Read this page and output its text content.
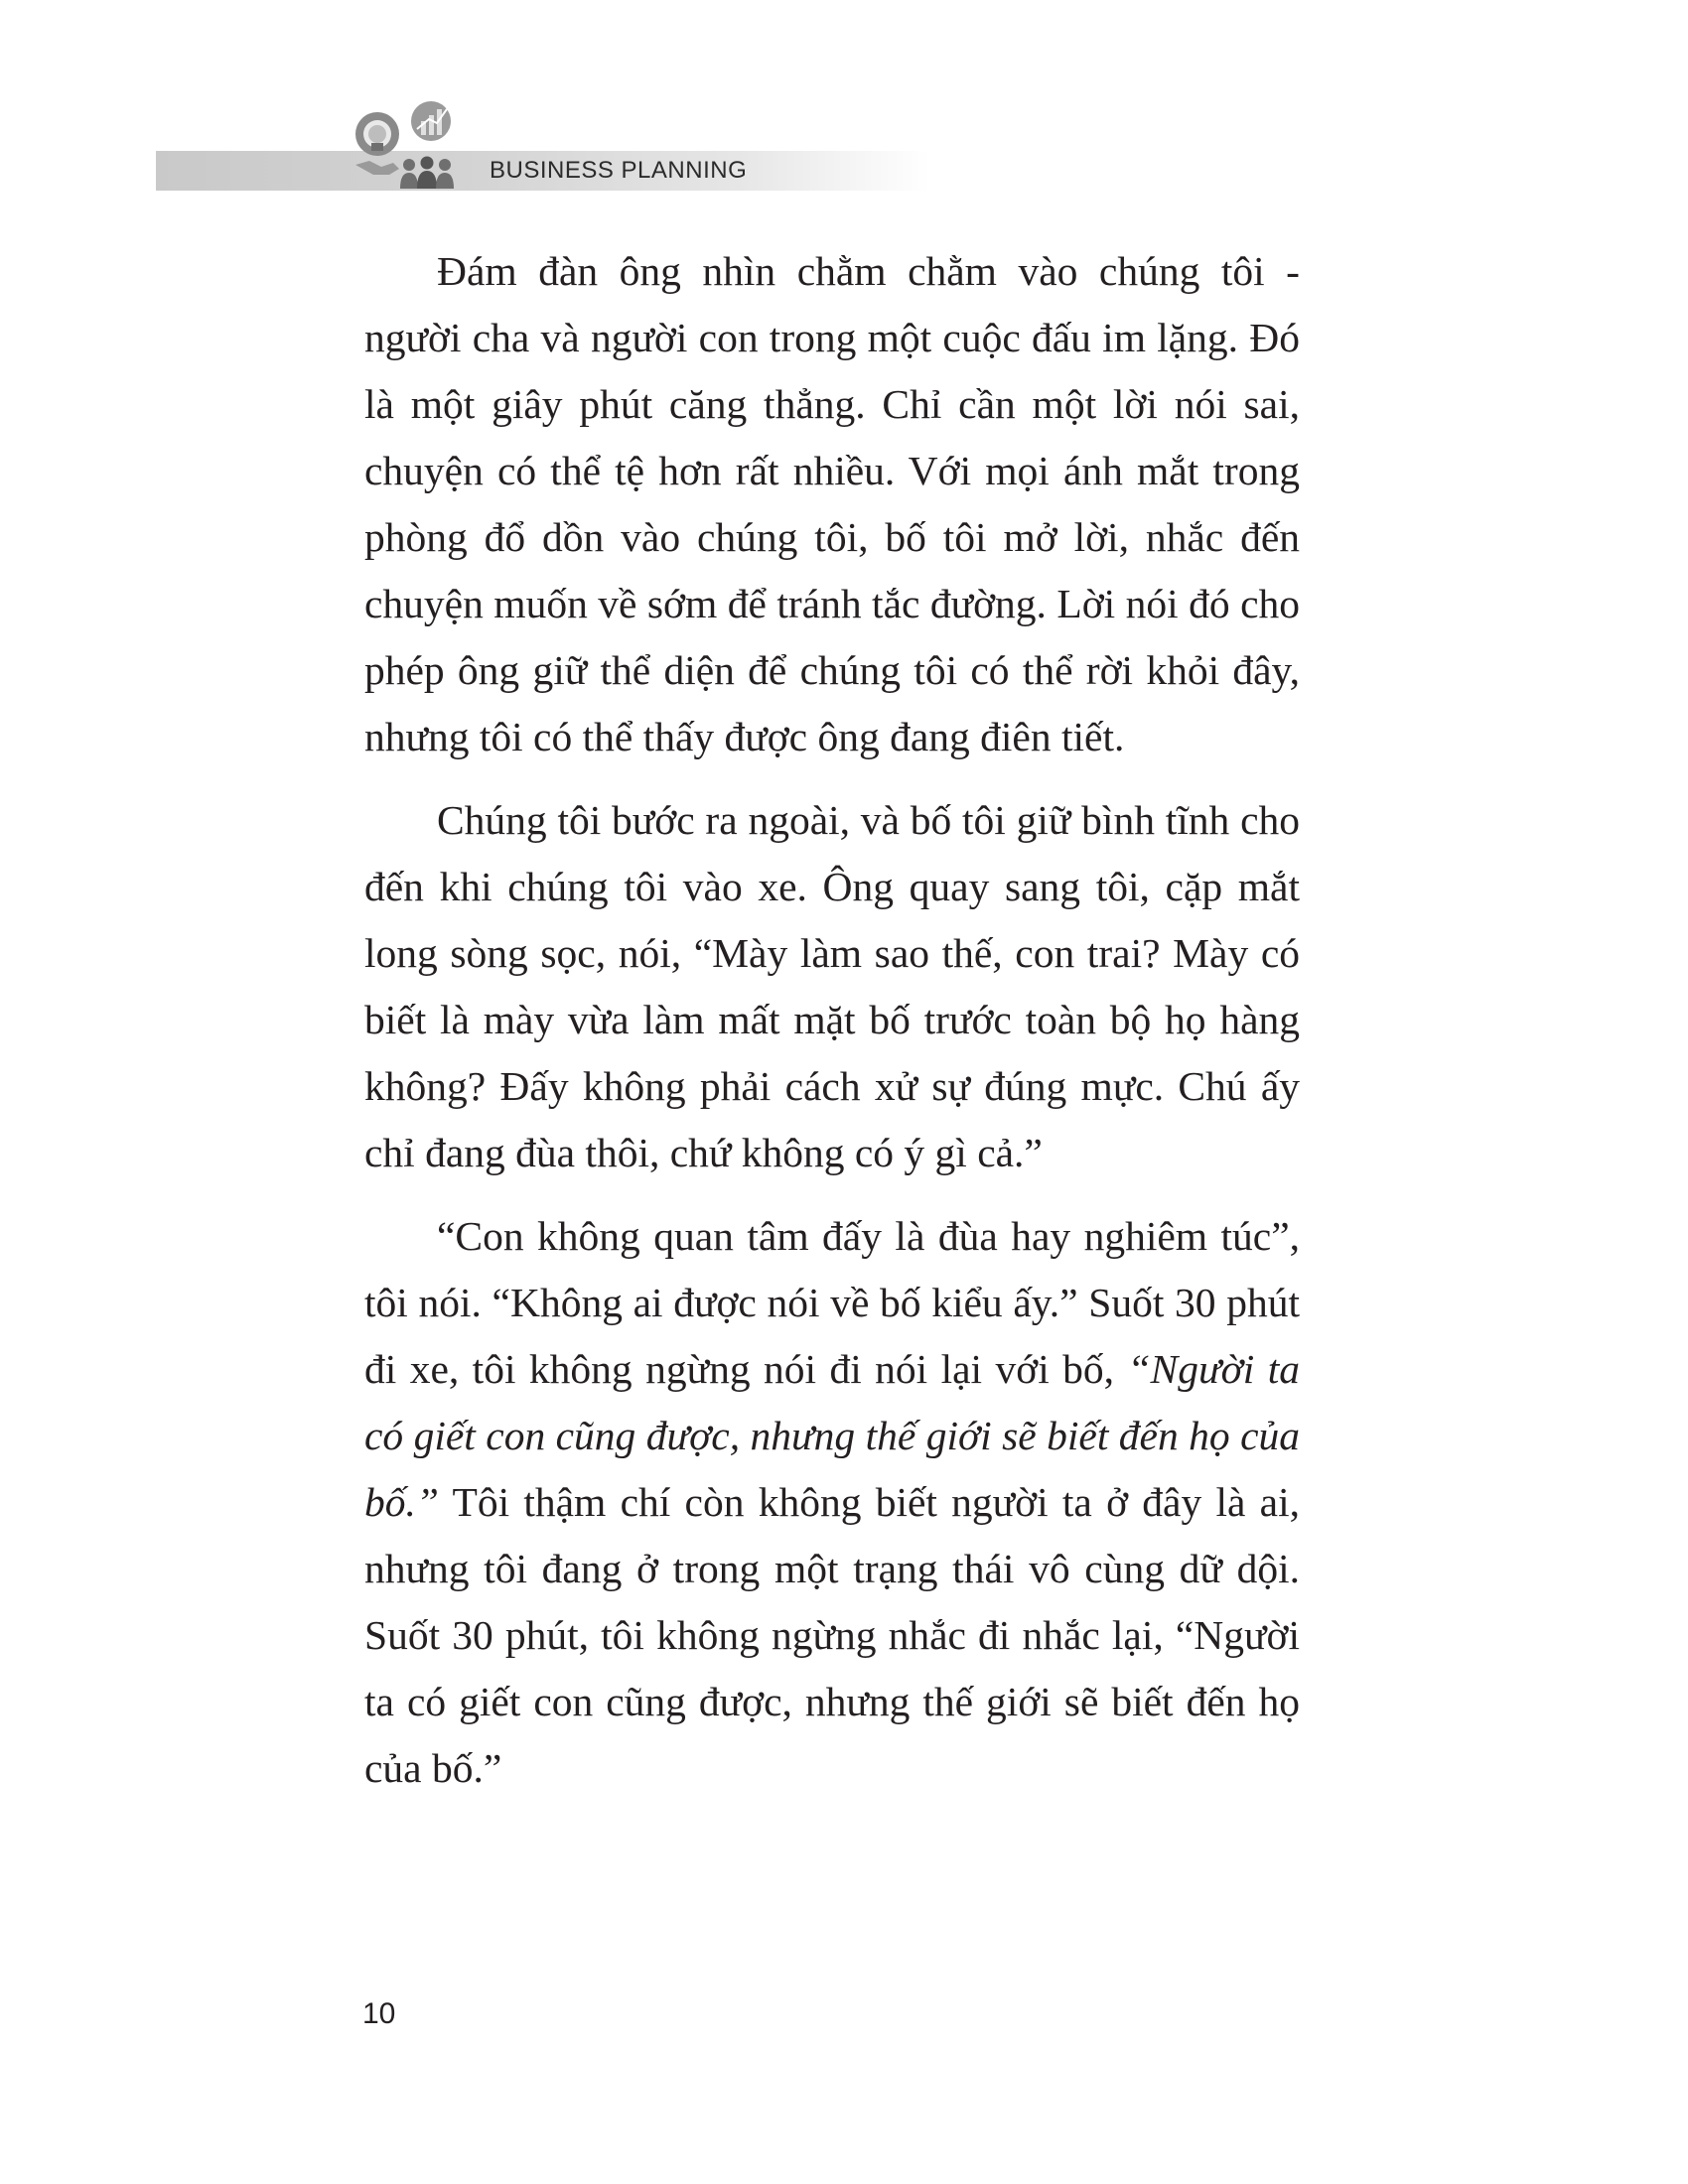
BUSINESS PLANNING

Đám đàn ông nhìn chằm chằm vào chúng tôi - người cha và người con trong một cuộc đấu im lặng. Đó là một giây phút căng thẳng. Chỉ cần một lời nói sai, chuyện có thể tệ hơn rất nhiều. Với mọi ánh mắt trong phòng đổ dồn vào chúng tôi, bố tôi mở lời, nhắc đến chuyện muốn về sớm để tránh tắc đường. Lời nói đó cho phép ông giữ thể diện để chúng tôi có thể rời khỏi đây, nhưng tôi có thể thấy được ông đang điên tiết.

Chúng tôi bước ra ngoài, và bố tôi giữ bình tĩnh cho đến khi chúng tôi vào xe. Ông quay sang tôi, cặp mắt long sòng sọc, nói, “Mày làm sao thế, con trai? Mày có biết là mày vừa làm mất mặt bố trước toàn bộ họ hàng không? Đấy không phải cách xử sự đúng mực. Chú ấy chỉ đang đùa thôi, chứ không có ý gì cả.”

“Con không quan tâm đấy là đùa hay nghiêm túc”, tôi nói. “Không ai được nói về bố kiểu ấy.” Suốt 30 phút đi xe, tôi không ngừng nói đi nói lại với bố, “Người ta có giết con cũng được, nhưng thế giới sẽ biết đến họ của bố.” Tôi thậm chí còn không biết người ta ở đây là ai, nhưng tôi đang ở trong một trạng thái vô cùng dữ dội. Suốt 30 phút, tôi không ngừng nhắc đi nhắc lại, “Người ta có giết con cũng được, nhưng thế giới sẽ biết đến họ của bố.”

10
